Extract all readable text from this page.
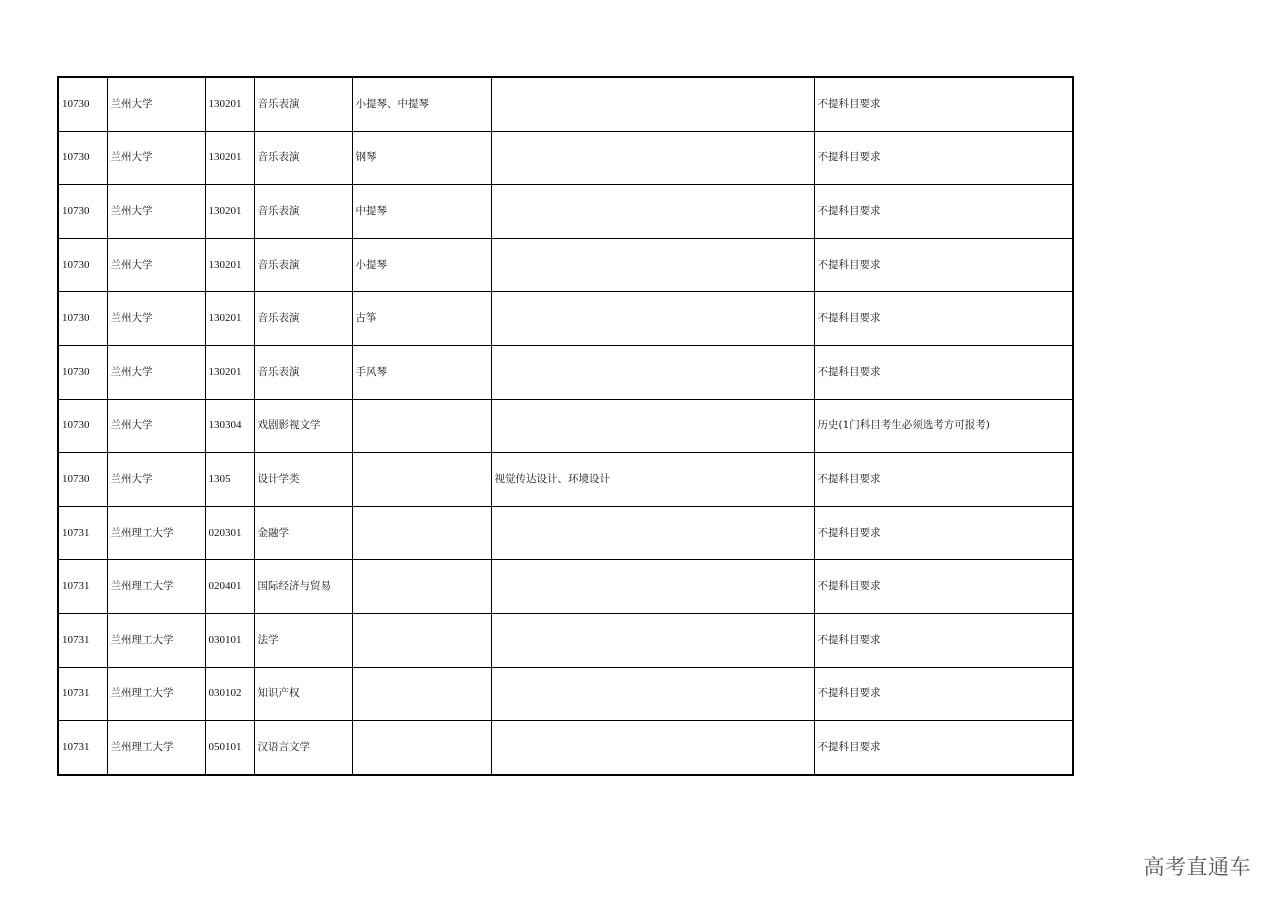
10730	兰州大学	130201	音乐表演	小提琴、中提琴		不提科目要求
10730	兰州大学	130201	音乐表演	钢琴		不提科目要求
10730	兰州大学	130201	音乐表演	中提琴		不提科目要求
10730	兰州大学	130201	音乐表演	小提琴		不提科目要求
10730	兰州大学	130201	音乐表演	古筝		不提科目要求
10730	兰州大学	130201	音乐表演	手风琴		不提科目要求
10730	兰州大学	130304	戏剧影视文学			历史(1门科目考生必须选考方可报考)
10730	兰州大学	1305	设计学类		视觉传达设计、环境设计	不提科目要求
10731	兰州理工大学	020301	金融学			不提科目要求
10731	兰州理工大学	020401	国际经济与贸易			不提科目要求
10731	兰州理工大学	030101	法学			不提科目要求
10731	兰州理工大学	030102	知识产权			不提科目要求
10731	兰州理工大学	050101	汉语言文学			不提科目要求
高考直通车
